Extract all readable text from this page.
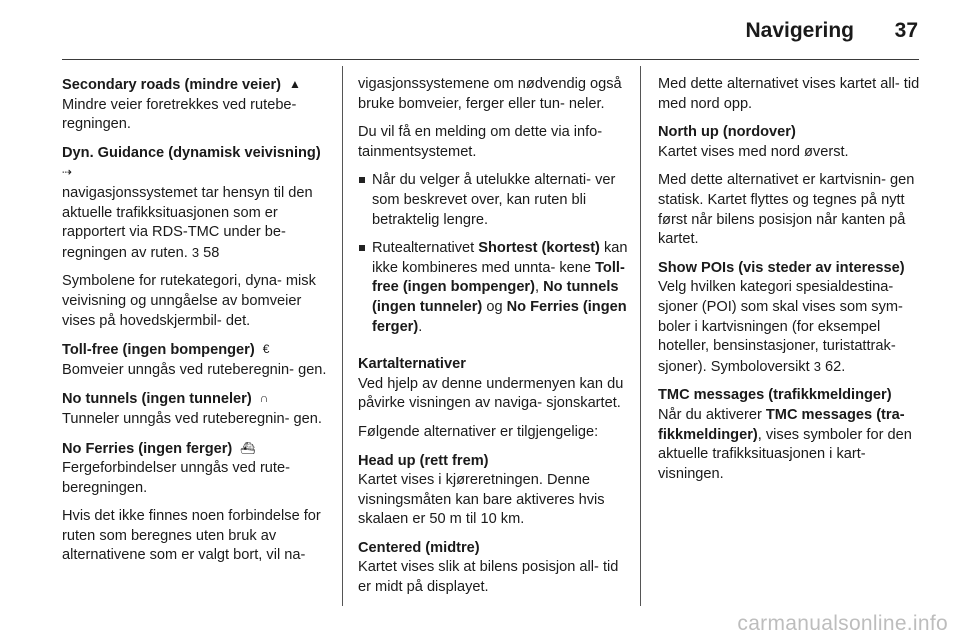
Navigering 37

Secondary roads (mindre veier) ▲

Mindre veier foretrekkes ved rutebe- regningen.

Dyn. Guidance (dynamisk veivisning)

⇢

navigasjonssystemet tar hensyn til den aktuelle trafikksituasjonen som er rapportert via RDS-TMC under be- regningen av ruten. 3 58

Symbolene for rutekategori, dyna- misk veivisning og unngåelse av bomveier vises på hovedskjermbil- det.

Toll-free (ingen bompenger) €

Bomveier unngås ved ruteberegnin- gen.

No tunnels (ingen tunneler) ∩

Tunneler unngås ved ruteberegnin- gen.

No Ferries (ingen ferger) ⛴

Fergeforbindelser unngås ved rute- beregningen.

Hvis det ikke finnes noen forbindelse for ruten som beregnes uten bruk av alternativene som er valgt bort, vil na-

vigasjonssystemene om nødvendig også bruke bomveier, ferger eller tun- neler.

Du vil få en melding om dette via info- tainmentsystemet.

Når du velger å utelukke alternati- ver som beskrevet over, kan ruten bli betraktelig lengre.
Rutealternativet Shortest (kortest) kan ikke kombineres med unnta- kene Toll-free (ingen bompenger), No tunnels (ingen tunneler) og No Ferries (ingen ferger).

Kartalternativer

Ved hjelp av denne undermenyen kan du påvirke visningen av naviga- sjonskartet.

Følgende alternativer er tilgjengelige:

Head up (rett frem)

Kartet vises i kjøreretningen. Denne visningsmåten kan bare aktiveres hvis skalaen er 50 m til 10 km.

Centered (midtre)

Kartet vises slik at bilens posisjon all- tid er midt på displayet.

Med dette alternativet vises kartet all- tid med nord opp.

North up (nordover)

Kartet vises med nord øverst.

Med dette alternativet er kartvisnin- gen statisk. Kartet flyttes og tegnes på nytt først når bilens posisjon når kanten på kartet.

Show POIs (vis steder av interesse)

Velg hvilken kategori spesialdestina- sjoner (POI) som skal vises som sym- boler i kartvisningen (for eksempel hoteller, bensinstasjoner, turistattrak- sjoner). Symboloversikt 3 62.

TMC messages (trafikkmeldinger)

Når du aktiverer TMC messages (tra- fikkmeldinger), vises symboler for den aktuelle trafikksituasjonen i kart- visningen.

carmanualsonline.info
